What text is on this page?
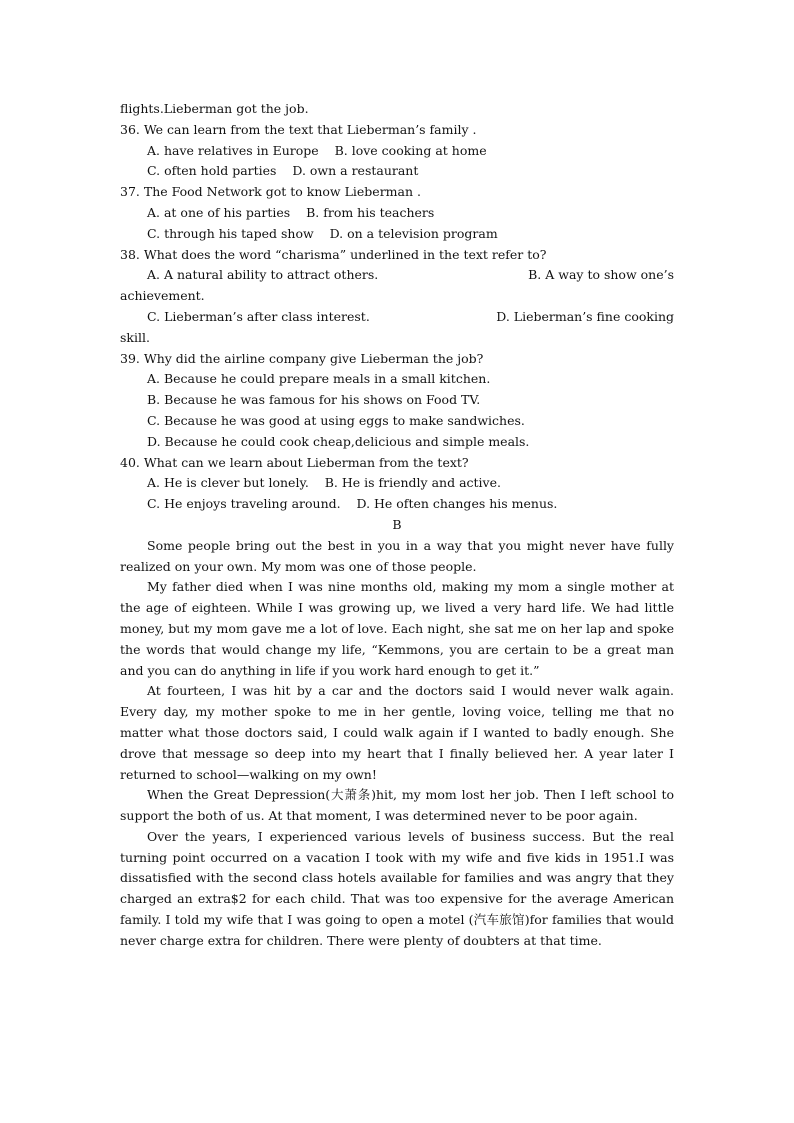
flights.Lieberman got the job.
36. We can learn from the text that Lieberman’s family .
A. have relatives in Europe    B. love cooking at home
C. often hold parties    D. own a restaurant
37. The Food Network got to know Lieberman .
A. at one of his parties    B. from his teachers
C. through his taped show    D. on a television program
38. What does the word “charisma” underlined in the text refer to?
A. A natural ability to attract others.	B. A way to show one’s
achievement.
C. Lieberman’s after class interest.	D. Lieberman’s fine cooking
skill.
39. Why did the airline company give Lieberman the job?
A. Because he could prepare meals in a small kitchen.
B. Because he was famous for his shows on Food TV.
C. Because he was good at using eggs to make sandwiches.
D. Because he could cook cheap,delicious and simple meals.
40. What can we learn about Lieberman from the text?
A. He is clever but lonely.    B. He is friendly and active.
C. He enjoys traveling around.    D. He often changes his menus.
B

Some people bring out the best in you in a way that you might never have fully realized on your own. My mom was one of those people.

My father died when I was nine months old, making my mom a single mother at the age of eighteen. While I was growing up, we lived a very hard life. We had little money, but my mom gave me a lot of love. Each night, she sat me on her lap and spoke the words that would change my life, “Kemmons, you are certain to be a great man and you can do anything in life if you work hard enough to get it.”

At fourteen, I was hit by a car and the doctors said I would never walk again. Every day, my mother spoke to me in her gentle, loving voice, telling me that no matter what those doctors said, I could walk again if I wanted to badly enough. She drove that message so deep into my heart that I finally believed her. A year later I returned to school—walking on my own!

When the Great Depression(大萧条)hit, my mom lost her job. Then I left school to support the both of us. At that moment, I was determined never to be poor again.

Over the years, I experienced various levels of business success. But the real turning point occurred on a vacation I took with my wife and five kids in 1951.I was dissatisfied with the second class hotels available for families and was angry that they charged an extra$2 for each child. That was too expensive for the average American family. I told my wife that I was going to open a motel (汽车旅馆)for families that would never charge extra for children. There were plenty of doubters at that time.
